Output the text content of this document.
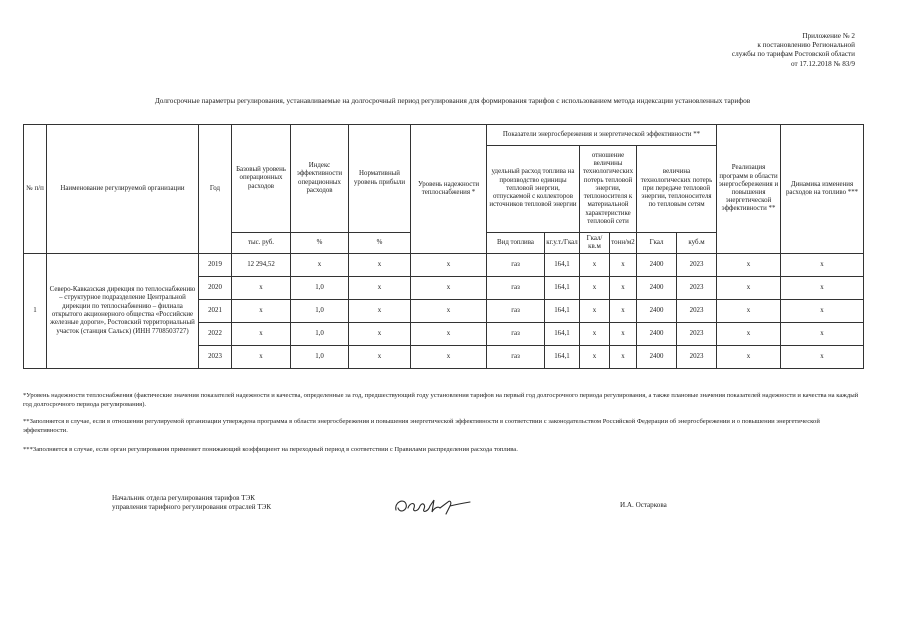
Приложение № 2
к постановлению Региональной
службы по тарифам Ростовской области
от 17.12.2018 № 83/9
Долгосрочные параметры регулирования, устанавливаемые на долгосрочный период регулирования для формирования тарифов с использованием метода индексации установленных тарифов
№ п/п	Наименование регулируемой организации	Год	Базовый уровень операционных расходов	Индекс эффективности операционных расходов	Нормативный уровень прибыли	Уровень надежности теплоснабжения *	Показатели энергосбережения и энергетической эффективности **						Реализация программ в области энергосбережения и повышения энергетической эффективности **	Динамика изменения расходов на топливо ***
							удельный расход топлива на производство единицы тепловой энергии, отпускаемой с коллекторов источников тепловой энергии		отношение величины технологических потерь тепловой энергии, теплоносителя к материальной характеристике тепловой сети		величина технологических потерь при передаче тепловой энергии, теплоносителя по тепловым сетям			

			тыс. руб.	%	%		Вид топлива	кг.у.т./Гкал	Гкал/кв.м	тонн/м2	Гкал	куб.м		
1	Северо-Кавказская дирекция по теплоснабжению – структурное подразделение Центральной дирекции по теплоснабжению – филиала открытого акционерного общества «Российские железные дороги», Ростовский территориальный участок (станция Сальск) (ИНН 7708503727)	2019	12 294,52	x	x	x	газ	164,1	x	x	2400	2023	x	x
		2020	x	1,0	x	x	газ	164,1	x	x	2400	2023	x	x
		2021	x	1,0	x	x	газ	164,1	x	x	2400	2023	x	x
		2022	x	1,0	x	x	газ	164,1	x	x	2400	2023	x	x
		2023	x	1,0	x	x	газ	164,1	x	x	2400	2023	x	x
*Уровень надежности теплоснабжения (фактические значения показателей надежности и качества, определенные за год, предшествующий году установления тарифов на первый год долгосрочного периода регулирования, а также плановые значения показателей надежности и качества на каждый год долгосрочного периода регулирования).
**Заполняется в случае, если в отношении регулируемой организации утверждена программа в области энергосбережения и повышения энергетической эффективности в соответствии с законодательством Российской Федерации об энергосбережении и о повышении энергетической эффективности.
***Заполняется в случае, если орган регулирования применяет понижающий коэффициент на переходный период в соответствии с Правилами распределения расхода топлива.
Начальник отдела регулирования тарифов ТЭК
управления тарифного регулирования отраслей ТЭК	И.А. Остаркова
